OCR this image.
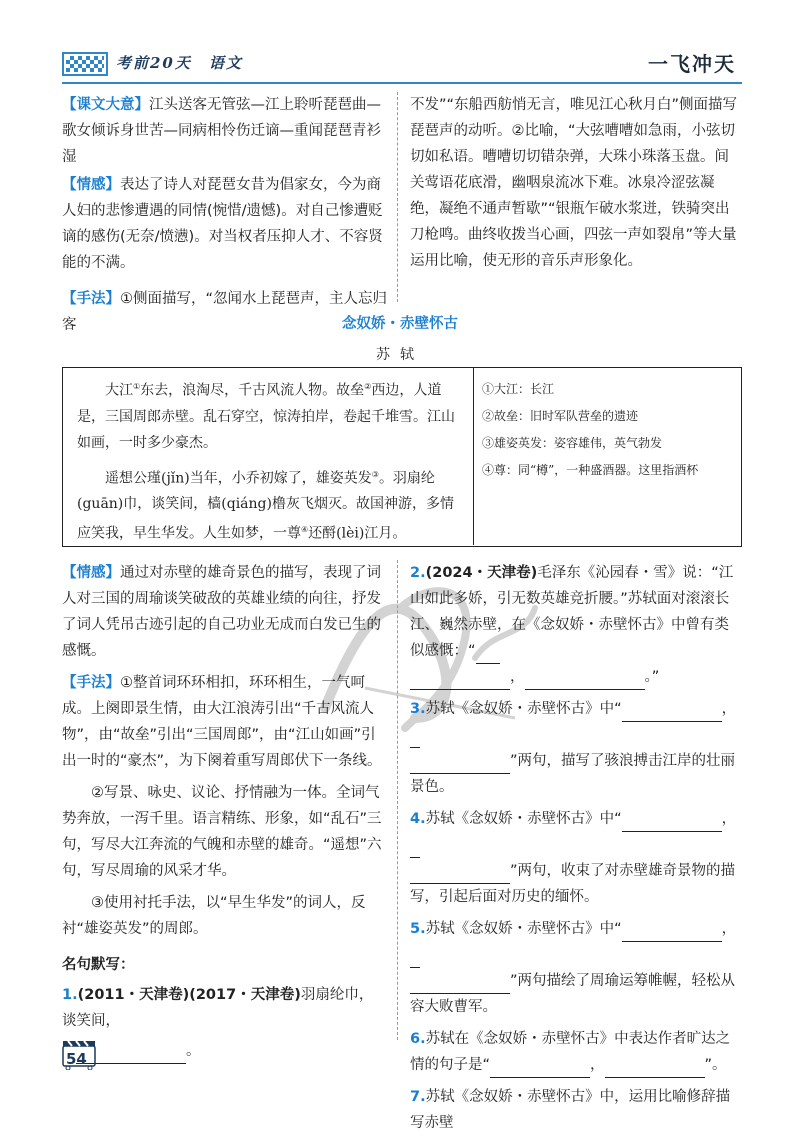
考前20天　语文	一飞冲天

【课文大意】江头送客无管弦—江上聆听琵琶曲—歌女倾诉身世苦—同病相怜伤迁谪—重闻琵琶青衫湿

【情感】表达了诗人对琵琶女昔为倡家女，今为商人妇的悲惨遭遇的同情(惋惜/遗憾)。对自己惨遭贬谪的感伤(无奈/愤懑)。对当权者压抑人才、不容贤能的不满。

【手法】①侧面描写，“忽闻水上琵琶声，主人忘归客

不发”“东船西舫悄无言，唯见江心秋月白”侧面描写琵琶声的动听。②比喻，“大弦嘈嘈如急雨，小弦切切如私语。嘈嘈切切错杂弹，大珠小珠落玉盘。间关莺语花底滑，幽咽泉流冰下难。冰泉冷涩弦凝绝，凝绝不通声暂歇”“银瓶乍破水浆迸，铁骑突出刀枪鸣。曲终收拨当心画，四弦一声如裂帛”等大量运用比喻，使无形的音乐声形象化。

念奴娇・赤壁怀古
苏轼

大江①东去，浪淘尽，千古风流人物。故垒②西边，人道是，三国周郎赤壁。乱石穿空，惊涛拍岸，卷起千堆雪。江山如画，一时多少豪杰。

遥想公瑾(jǐn)当年，小乔初嫁了，雄姿英发③。羽扇纶(guān)巾，谈笑间，樯(qiáng)橹灰飞烟灭。故国神游，多情应笑我，早生华发。人生如梦，一尊④还酹(lèi)江月。

①大江：长江
②故垒：旧时军队营垒的遗迹
③雄姿英发：姿容雄伟，英气勃发
④尊：同“樽”，一种盛酒器。这里指酒杯

【情感】通过对赤壁的雄奇景色的描写，表现了词人对三国的周瑜谈笑破敌的英雄业绩的向往，抒发了词人凭吊古迹引起的自己功业无成而白发已生的感慨。

【手法】①整首词环环相扣，环环相生，一气呵成。上阕即景生情，由大江浪涛引出“千古风流人物”，由“故垒”引出“三国周郎”，由“江山如画”引出一时的“豪杰”，为下阕着重写周郎伏下一条线。

②写景、咏史、议论、抒情融为一体。全词气势奔放，一泻千里。语言精练、形象，如“乱石”三句，写尽大江奔流的气魄和赤壁的雄奇。“遥想”六句，写尽周瑜的风采才华。

③使用衬托手法，以“早生华发”的词人，反衬“雄姿英发”的周郎。

名句默写：

1.(2011・天津卷)(2017・天津卷)羽扇纶巾，谈笑间，

。

2.(2024・天津卷)毛泽东《沁园春・雪》说：“江山如此多娇，引无数英雄竞折腰。”苏轼面对滚滚长江、巍然赤壁，在《念奴娇・赤壁怀古》中曾有类似感慨：“
，	。”

3.苏轼《念奴娇・赤壁怀古》中“	，
”两句，描写了骇浪搏击江岸的壮丽景色。

4.苏轼《念奴娇・赤壁怀古》中“	，
”两句，收束了对赤壁雄奇景物的描写，引起后面对历史的缅怀。

5.苏轼《念奴娇・赤壁怀古》中“	，
”两句描绘了周瑜运筹帷幄，轻松从容大败曹军。

6.苏轼在《念奴娇・赤壁怀古》中表达作者旷达之情的句子是“	，	”。

7.苏轼《念奴娇・赤壁怀古》中，运用比喻修辞描写赤壁

54
